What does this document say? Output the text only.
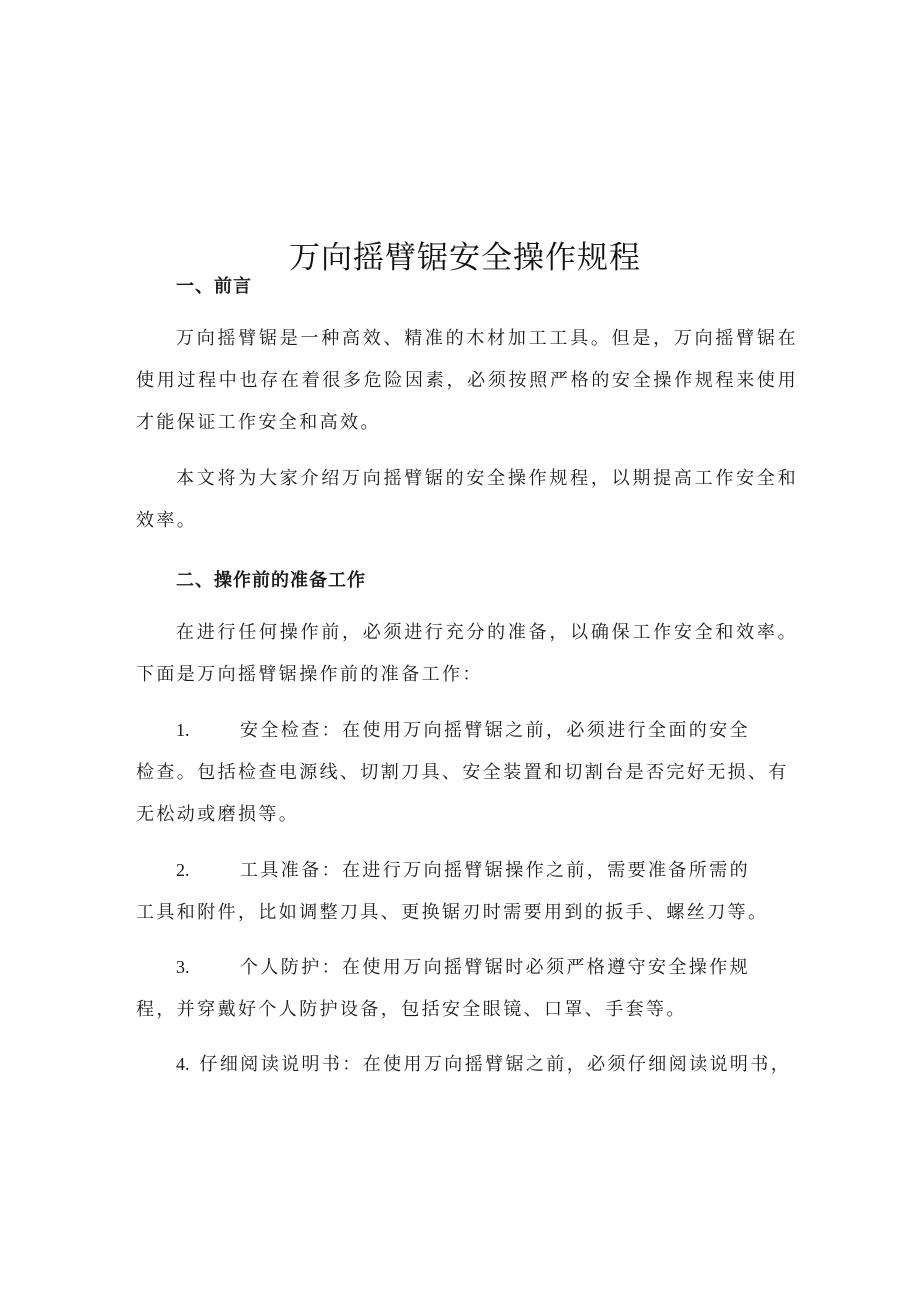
万向摇臂锯安全操作规程
一、前言

万向摇臂锯是一种高效、精准的木材加工工具。但是，万向摇臂锯在使用过程中也存在着很多危险因素，必须按照严格的安全操作规程来使用才能保证工作安全和高效。

本文将为大家介绍万向摇臂锯的安全操作规程，以期提高工作安全和效率。

二、操作前的准备工作

在进行任何操作前，必须进行充分的准备，以确保工作安全和效率。下面是万向摇臂锯操作前的准备工作：

1.	安全检查：在使用万向摇臂锯之前，必须进行全面的安全
检查。包括检查电源线、切割刀具、安全装置和切割台是否完好无损、有无松动或磨损等。
2.	工具准备：在进行万向摇臂锯操作之前，需要准备所需的
工具和附件，比如调整刀具、更换锯刃时需要用到的扳手、螺丝刀等。
3.	个人防护：在使用万向摇臂锯时必须严格遵守安全操作规
程，并穿戴好个人防护设备，包括安全眼镜、口罩、手套等。
4. 仔细阅读说明书：在使用万向摇臂锯之前，必须仔细阅读说明书，
